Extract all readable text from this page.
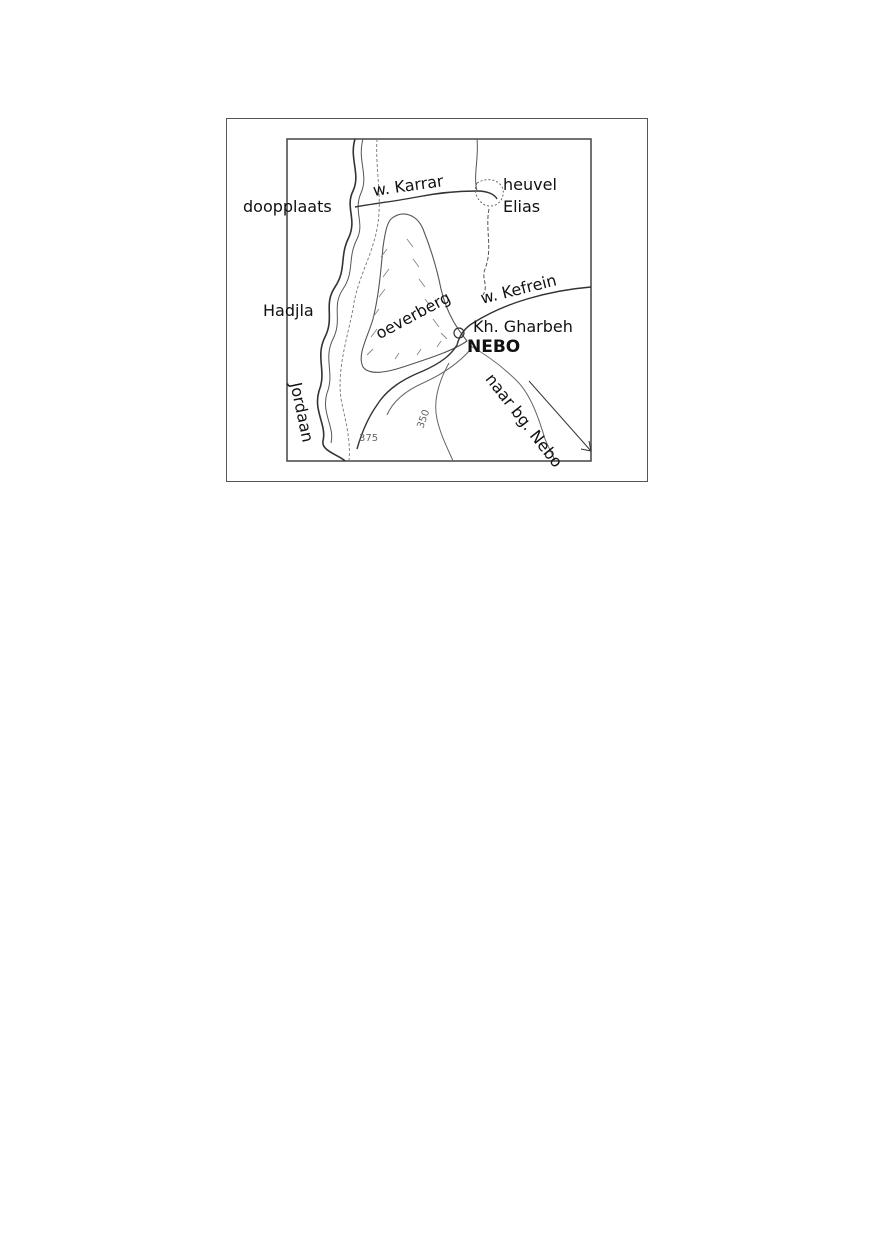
375
350
doopplaats
w. Karrar	heuvel
Elias
Hadjla	oeverberg w. Kefrein
Kh. Gharbeh
NEBO
naar bg. Nebo
Jordaan
